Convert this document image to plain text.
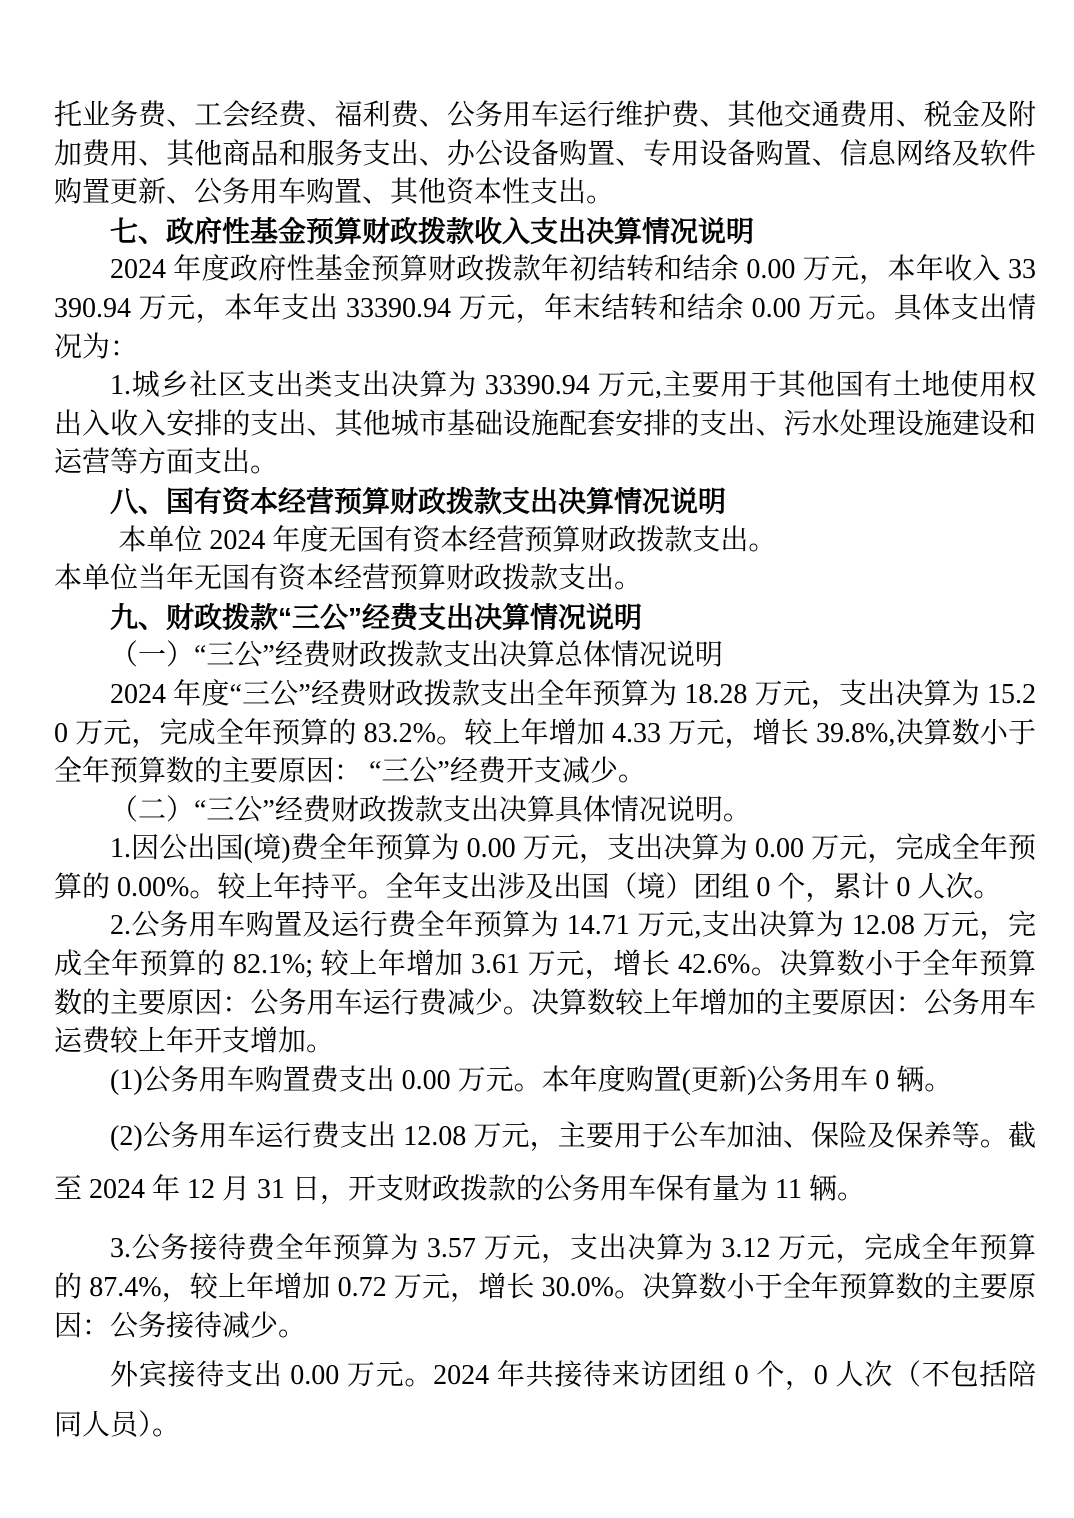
托业务费、工会经费、福利费、公务用车运行维护费、其他交通费用、税金及附加费用、其他商品和服务支出、办公设备购置、专用设备购置、信息网络及软件购置更新、公务用车购置、其他资本性支出。

七、政府性基金预算财政拨款收入支出决算情况说明

2024 年度政府性基金预算财政拨款年初结转和结余 0.00 万元，本年收入 33390.94 万元，本年支出 33390.94 万元，年末结转和结余 0.00 万元。具体支出情况为：

1.城乡社区支出类支出决算为 33390.94 万元,主要用于其他国有土地使用权出入收入安排的支出、其他城市基础设施配套安排的支出、污水处理设施建设和运营等方面支出。

八、国有资本经营预算财政拨款支出决算情况说明

本单位 2024 年度无国有资本经营预算财政拨款支出。

本单位当年无国有资本经营预算财政拨款支出。

九、财政拨款“三公”经费支出决算情况说明

（一）“三公”经费财政拨款支出决算总体情况说明

2024 年度“三公”经费财政拨款支出全年预算为 18.28 万元，支出决算为 15.20 万元，完成全年预算的 83.2%。较上年增加 4.33 万元，增长 39.8%,决算数小于全年预算数的主要原因： “三公”经费开支减少。

（二）“三公”经费财政拨款支出决算具体情况说明。

1.因公出国(境)费全年预算为 0.00 万元，支出决算为 0.00 万元，完成全年预算的 0.00%。较上年持平。全年支出涉及出国（境）团组 0 个，累计 0 人次。

2.公务用车购置及运行费全年预算为 14.71 万元,支出决算为 12.08 万元，完成全年预算的 82.1%; 较上年增加 3.61 万元，增长 42.6%。决算数小于全年预算数的主要原因：公务用车运行费减少。决算数较上年增加的主要原因：公务用车运费较上年开支增加。

(1)公务用车购置费支出 0.00 万元。本年度购置(更新)公务用车 0 辆。

(2)公务用车运行费支出 12.08 万元，主要用于公车加油、保险及保养等。截至 2024 年 12 月 31 日，开支财政拨款的公务用车保有量为 11 辆。

3.公务接待费全年预算为 3.57 万元，支出决算为 3.12 万元，完成全年预算的 87.4%，较上年增加 0.72 万元，增长 30.0%。决算数小于全年预算数的主要原因：公务接待减少。

外宾接待支出 0.00 万元。2024 年共接待来访团组 0 个，0 人次（不包括陪同人员）。
